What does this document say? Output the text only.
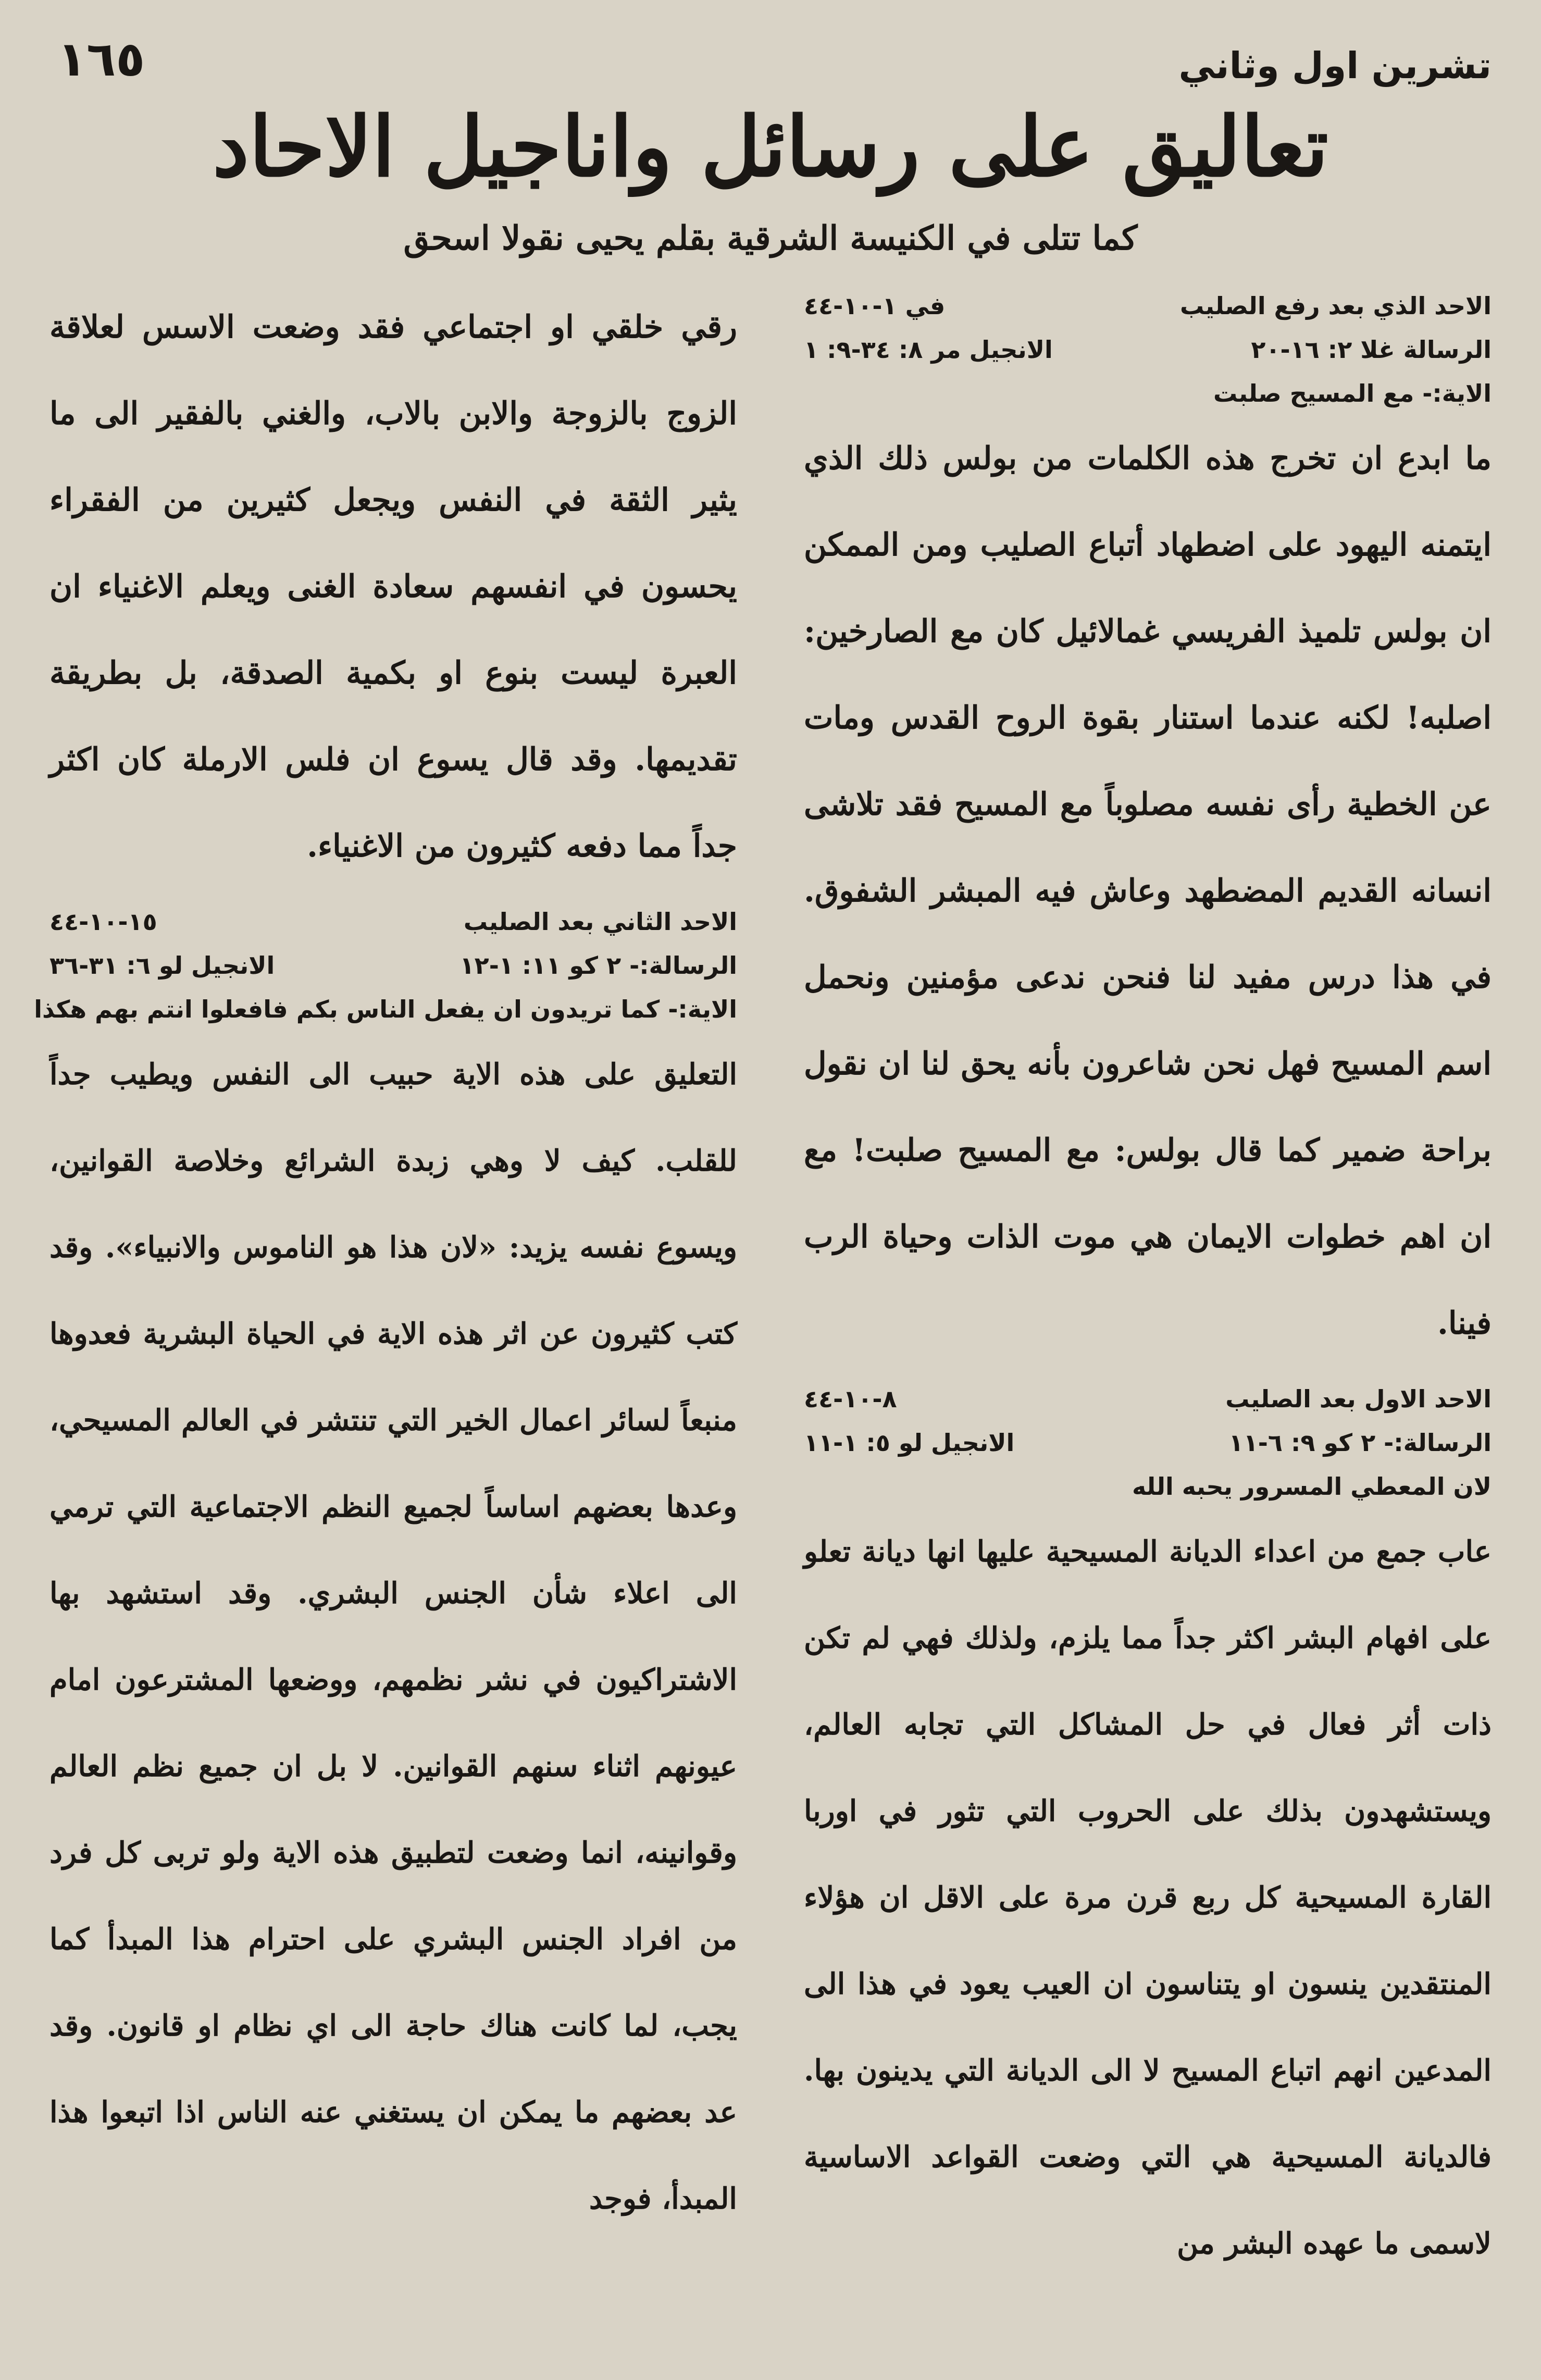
١٦٥	تشرين اول وثاني
تعاليق على رسائل واناجيل الاحاد
كما تتلى في الكنيسة الشرقية بقلم يحيى نقولا اسحق
الاحد الذي بعد رفع الصليب
في ١-١٠-٤٤
الرسالة غلا ٢: ١٦-٢٠
الانجيل مر ٨: ٣٤-٩: ١
الاية:- مع المسيح صلبت

ما ابدع ان تخرج هذه الكلمات من بولس ذلك الذي ايتمنه اليهود على اضطهاد أتباع الصليب ومن الممكن ان بولس تلميذ الفريسي غمالائيل كان مع الصارخين: اصلبه! لكنه عندما استنار بقوة الروح القدس ومات عن الخطية رأى نفسه مصلوباً مع المسيح فقد تلاشى انسانه القديم المضطهد وعاش فيه المبشر الشفوق. في هذا درس مفيد لنا فنحن ندعى مؤمنين ونحمل اسم المسيح فهل نحن شاعرون بأنه يحق لنا ان نقول براحة ضمير كما قال بولس: مع المسيح صلبت! مع ان اهم خطوات الايمان هي موت الذات وحياة الرب فينا.

الاحد الاول بعد الصليب
٨-١٠-٤٤
الرسالة:- ٢ كو ٩: ٦-١١
الانجيل لو ٥: ١-١١
لان المعطي المسرور يحبه الله

عاب جمع من اعداء الديانة المسيحية عليها انها ديانة تعلو على افهام البشر اكثر جداً مما يلزم، ولذلك فهي لم تكن ذات أثر فعال في حل المشاكل التي تجابه العالم، ويستشهدون بذلك على الحروب التي تثور في اوربا القارة المسيحية كل ربع قرن مرة على الاقل ان هؤلاء المنتقدين ينسون او يتناسون ان العيب يعود في هذا الى المدعين انهم اتباع المسيح لا الى الديانة التي يدينون بها. فالديانة المسيحية هي التي وضعت القواعد الاساسية لاسمى ما عهده البشر من

رقي خلقي او اجتماعي فقد وضعت الاسس لعلاقة الزوج بالزوجة والابن بالاب، والغني بالفقير الى ما يثير الثقة في النفس ويجعل كثيرين من الفقراء يحسون في انفسهم سعادة الغنى ويعلم الاغنياء ان العبرة ليست بنوع او بكمية الصدقة، بل بطريقة تقديمها. وقد قال يسوع ان فلس الارملة كان اكثر جداً مما دفعه كثيرون من الاغنياء.

الاحد الثاني بعد الصليب
١٥-١٠-٤٤
الرسالة:- ٢ كو ١١: ١-١٢
الانجيل لو ٦: ٣١-٣٦
الاية:- كما تريدون ان يفعل الناس بكم فافعلوا انتم بهم هكذا

التعليق على هذه الاية حبيب الى النفس ويطيب جداً للقلب. كيف لا وهي زبدة الشرائع وخلاصة القوانين، ويسوع نفسه يزيد: «لان هذا هو الناموس والانبياء». وقد كتب كثيرون عن اثر هذه الاية في الحياة البشرية فعدوها منبعاً لسائر اعمال الخير التي تنتشر في العالم المسيحي، وعدها بعضهم اساساً لجميع النظم الاجتماعية التي ترمي الى اعلاء شأن الجنس البشري. وقد استشهد بها الاشتراكيون في نشر نظمهم، ووضعها المشترعون امام عيونهم اثناء سنهم القوانين. لا بل ان جميع نظم العالم وقوانينه، انما وضعت لتطبيق هذه الاية ولو تربى كل فرد من افراد الجنس البشري على احترام هذا المبدأ كما يجب، لما كانت هناك حاجة الى اي نظام او قانون. وقد عد بعضهم ما يمكن ان يستغني عنه الناس اذا اتبعوا هذا المبدأ، فوجد
